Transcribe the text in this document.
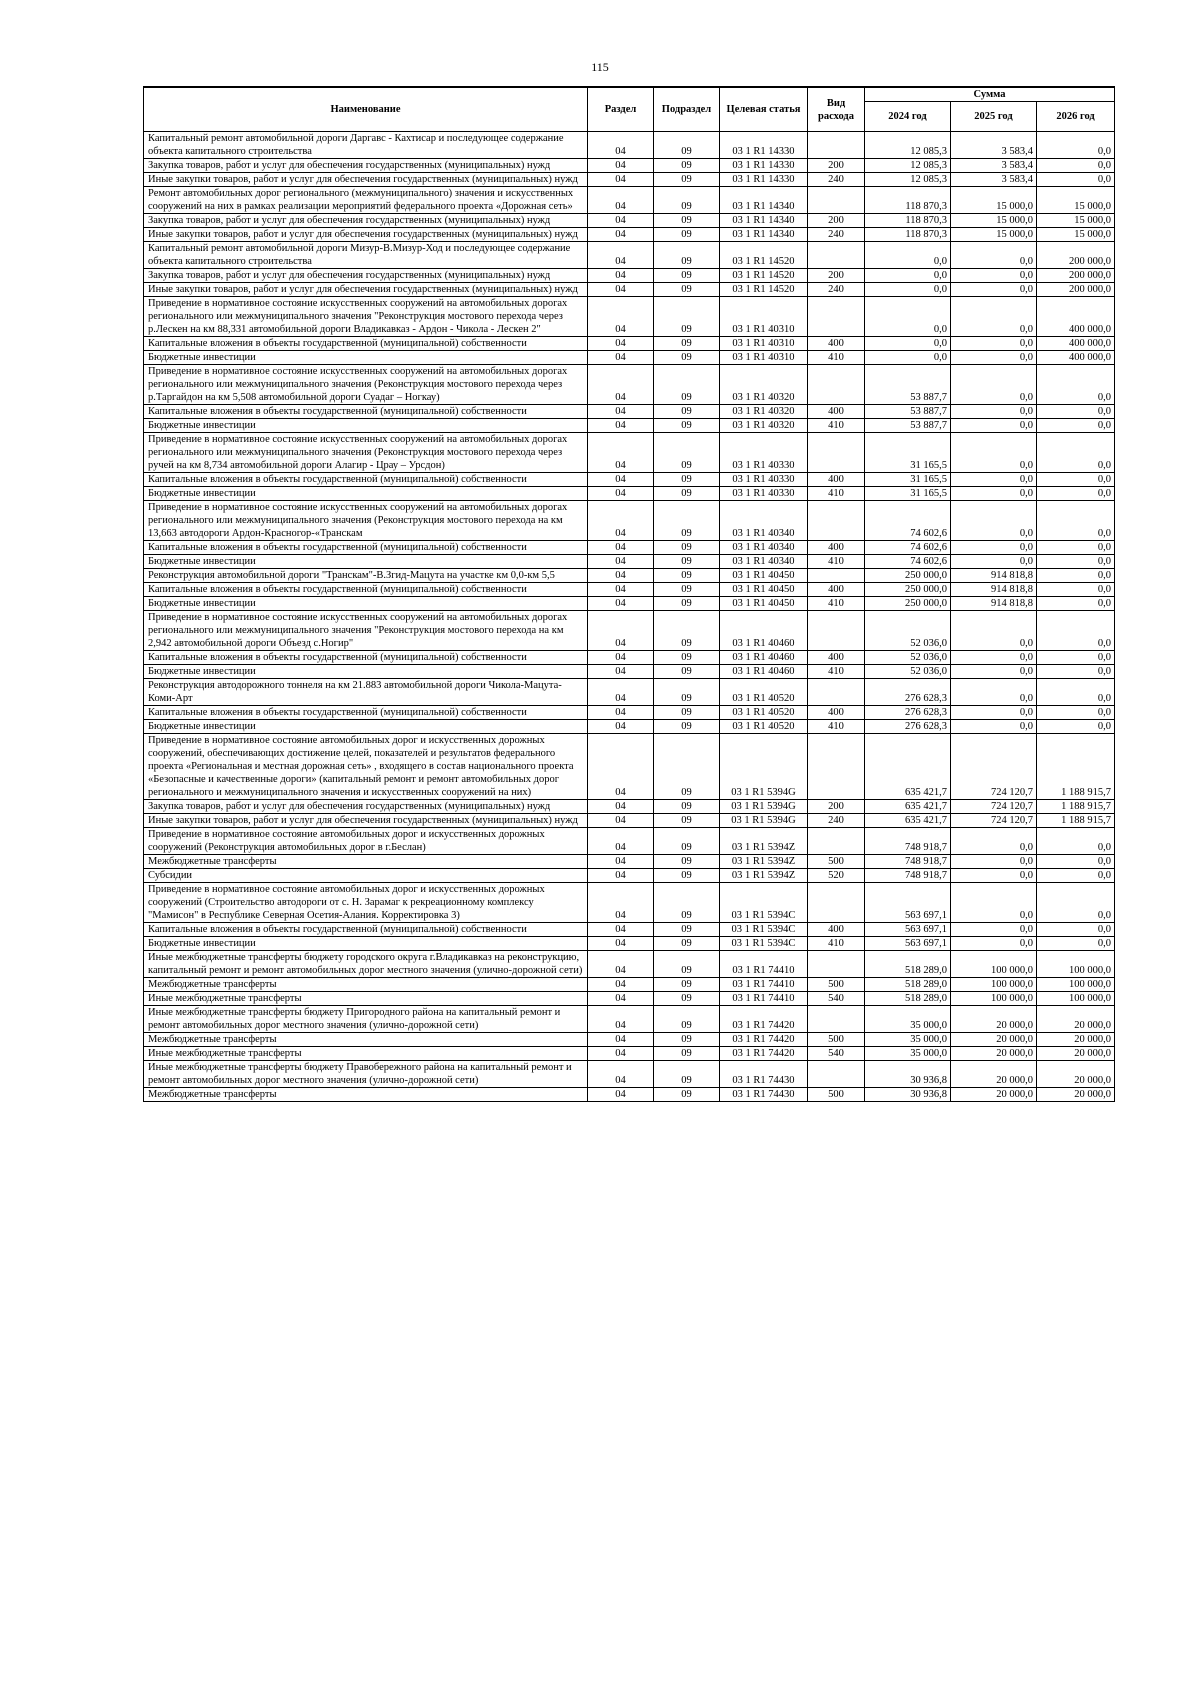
115
Наименование	Раздел	Подраздел	Целевая статья	Вид расхода	Сумма		
					2024 год	2025 год	2026 год
Капитальный ремонт автомобильной дороги Даргавс - Кахтисар и последующее содержание объекта капитального строительства	04	09	03 1 R1 14330		12 085,3	3 583,4	0,0
Закупка товаров, работ и услуг для обеспечения государственных (муниципальных) нужд	04	09	03 1 R1 14330	200	12 085,3	3 583,4	0,0
Иные закупки товаров, работ и услуг для обеспечения государственных (муниципальных) нужд	04	09	03 1 R1 14330	240	12 085,3	3 583,4	0,0
Ремонт автомобильных дорог регионального (межмуниципального) значения и искусственных сооружений на них в рамках реализации мероприятий федерального проекта «Дорожная сеть»	04	09	03 1 R1 14340		118 870,3	15 000,0	15 000,0
Закупка товаров, работ и услуг для обеспечения государственных (муниципальных) нужд	04	09	03 1 R1 14340	200	118 870,3	15 000,0	15 000,0
Иные закупки товаров, работ и услуг для обеспечения государственных (муниципальных) нужд	04	09	03 1 R1 14340	240	118 870,3	15 000,0	15 000,0
Капитальный ремонт автомобильной дороги Мизур-В.Мизур-Ход и последующее содержание объекта капитального строительства	04	09	03 1 R1 14520		0,0	0,0	200 000,0
Закупка товаров, работ и услуг для обеспечения государственных (муниципальных) нужд	04	09	03 1 R1 14520	200	0,0	0,0	200 000,0
Иные закупки товаров, работ и услуг для обеспечения государственных (муниципальных) нужд	04	09	03 1 R1 14520	240	0,0	0,0	200 000,0
Приведение в нормативное состояние искусственных сооружений на автомобильных дорогах регионального или межмуниципального значения "Реконструкция мостового перехода через р.Лескен на км 88,331 автомобильной дороги Владикавказ - Ардон - Чикола - Лескен 2"	04	09	03 1 R1 40310		0,0	0,0	400 000,0
Капитальные вложения в объекты государственной (муниципальной) собственности	04	09	03 1 R1 40310	400	0,0	0,0	400 000,0
Бюджетные инвестиции	04	09	03 1 R1 40310	410	0,0	0,0	400 000,0
Приведение в нормативное состояние искусственных сооружений на автомобильных дорогах регионального или межмуниципального значения (Реконструкция мостового перехода через р.Таргайдон на км 5,508 автомобильной дороги Суадаг – Ногкау)	04	09	03 1 R1 40320		53 887,7	0,0	0,0
Капитальные вложения в объекты государственной (муниципальной) собственности	04	09	03 1 R1 40320	400	53 887,7	0,0	0,0
Бюджетные инвестиции	04	09	03 1 R1 40320	410	53 887,7	0,0	0,0
Приведение в нормативное состояние искусственных сооружений на автомобильных дорогах регионального или межмуниципального значения (Реконструкция мостового перехода через ручей на км 8,734 автомобильной дороги Алагир - Црау – Урсдон)	04	09	03 1 R1 40330		31 165,5	0,0	0,0
Капитальные вложения в объекты государственной (муниципальной) собственности	04	09	03 1 R1 40330	400	31 165,5	0,0	0,0
Бюджетные инвестиции	04	09	03 1 R1 40330	410	31 165,5	0,0	0,0
Приведение в нормативное состояние искусственных сооружений на автомобильных дорогах регионального или межмуниципального значения (Реконструкция мостового перехода на км 13,663 автодороги Ардон-Красногор-«Транскам	04	09	03 1 R1 40340		74 602,6	0,0	0,0
Капитальные вложения в объекты государственной (муниципальной) собственности	04	09	03 1 R1 40340	400	74 602,6	0,0	0,0
Бюджетные инвестиции	04	09	03 1 R1 40340	410	74 602,6	0,0	0,0
Реконструкция автомобильной дороги "Транскам"-В.Згид-Мацута на участке км 0,0-км 5,5	04	09	03 1 R1 40450		250 000,0	914 818,8	0,0
Капитальные вложения в объекты государственной (муниципальной) собственности	04	09	03 1 R1 40450	400	250 000,0	914 818,8	0,0
Бюджетные инвестиции	04	09	03 1 R1 40450	410	250 000,0	914 818,8	0,0
Приведение в нормативное состояние искусственных сооружений на автомобильных дорогах регионального или межмуниципального значения "Реконструкция мостового перехода на км 2,942 автомобильной дороги Объезд с.Ногир"	04	09	03 1 R1 40460		52 036,0	0,0	0,0
Капитальные вложения в объекты государственной (муниципальной) собственности	04	09	03 1 R1 40460	400	52 036,0	0,0	0,0
Бюджетные инвестиции	04	09	03 1 R1 40460	410	52 036,0	0,0	0,0
Реконструкция автодорожного тоннеля на км 21.883 автомобильной дороги Чикола-Мацута-Коми-Арт	04	09	03 1 R1 40520		276 628,3	0,0	0,0
Капитальные вложения в объекты государственной (муниципальной) собственности	04	09	03 1 R1 40520	400	276 628,3	0,0	0,0
Бюджетные инвестиции	04	09	03 1 R1 40520	410	276 628,3	0,0	0,0
Приведение в нормативное состояние автомобильных дорог и искусственных дорожных сооружений, обеспечивающих достижение целей, показателей и результатов федерального проекта «Региональная и местная дорожная сеть» , входящего в состав национального проекта «Безопасные и качественные дороги» (капитальный ремонт и ремонт автомобильных дорог регионального и межмуниципального значения и искусственных сооружений на них)	04	09	03 1 R1 5394G		635 421,7	724 120,7	1 188 915,7
Закупка товаров, работ и услуг для обеспечения государственных (муниципальных) нужд	04	09	03 1 R1 5394G	200	635 421,7	724 120,7	1 188 915,7
Иные закупки товаров, работ и услуг для обеспечения государственных (муниципальных) нужд	04	09	03 1 R1 5394G	240	635 421,7	724 120,7	1 188 915,7
Приведение в нормативное состояние автомобильных дорог и искусственных дорожных сооружений (Реконструкция автомобильных дорог в г.Беслан)	04	09	03 1 R1 5394Z		748 918,7	0,0	0,0
Межбюджетные трансферты	04	09	03 1 R1 5394Z	500	748 918,7	0,0	0,0
Субсидии	04	09	03 1 R1 5394Z	520	748 918,7	0,0	0,0
Приведение в нормативное состояние автомобильных дорог и искусственных дорожных сооружений (Строительство автодороги от с. Н. Зарамаг к рекреационному комплексу "Мамисон" в Республике Северная Осетия-Алания. Корректировка 3)	04	09	03 1 R1 5394C		563 697,1	0,0	0,0
Капитальные вложения в объекты государственной (муниципальной) собственности	04	09	03 1 R1 5394C	400	563 697,1	0,0	0,0
Бюджетные инвестиции	04	09	03 1 R1 5394C	410	563 697,1	0,0	0,0
Иные межбюджетные трансферты бюджету городского округа г.Владикавказ на реконструкцию, капитальный ремонт и ремонт автомобильных дорог местного значения (улично-дорожной сети)	04	09	03 1 R1 74410		518 289,0	100 000,0	100 000,0
Межбюджетные трансферты	04	09	03 1 R1 74410	500	518 289,0	100 000,0	100 000,0
Иные межбюджетные трансферты	04	09	03 1 R1 74410	540	518 289,0	100 000,0	100 000,0
Иные межбюджетные трансферты бюджету Пригородного района на капитальный ремонт и ремонт автомобильных дорог местного значения (улично-дорожной сети)	04	09	03 1 R1 74420		35 000,0	20 000,0	20 000,0
Межбюджетные трансферты	04	09	03 1 R1 74420	500	35 000,0	20 000,0	20 000,0
Иные межбюджетные трансферты	04	09	03 1 R1 74420	540	35 000,0	20 000,0	20 000,0
Иные межбюджетные трансферты бюджету Правобережного района на капитальный ремонт и ремонт автомобильных дорог местного значения (улично-дорожной сети)	04	09	03 1 R1 74430		30 936,8	20 000,0	20 000,0
Межбюджетные трансферты	04	09	03 1 R1 74430	500	30 936,8	20 000,0	20 000,0
